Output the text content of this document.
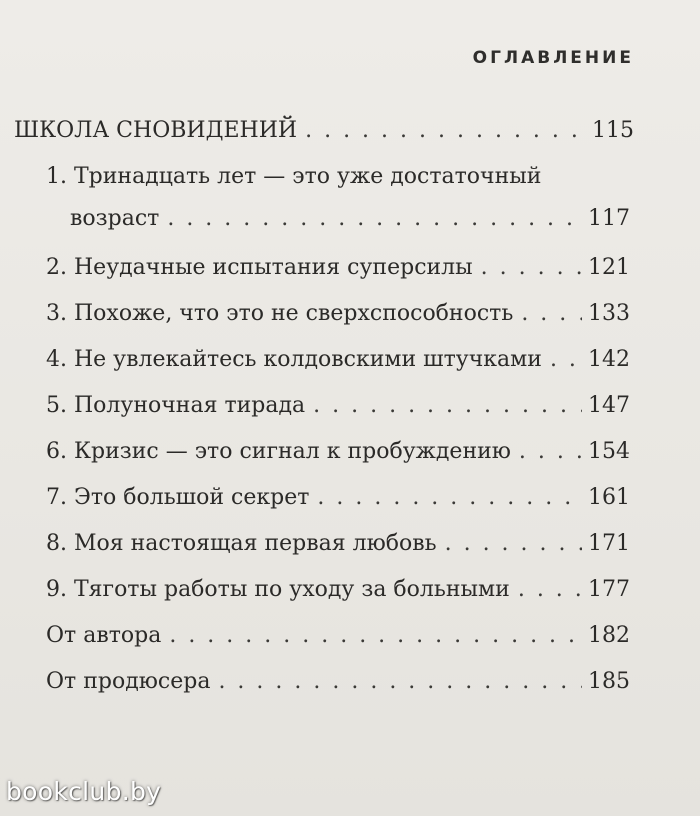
ОГЛАВЛЕНИЕ
ШКОЛА СНОВИДЕНИЙ . . .	115
1. Тринадцать лет — это уже достаточный
возраст . . .	117
2. Неудачные испытания суперсилы . . .	121
3. Похоже, что это не сверхспособность . . .	133
4. Не увлекайтесь колдовскими штучками . . . 142
5. Полуночная тирада . . .	147
6. Кризис — это сигнал к пробуждению . . .	154
7. Это большой секрет . . .	161
8. Моя настоящая первая любовь . . .	171
9. Тяготы работы по уходу за больными . . .	177
От автора . . .	182
От продюсера . . .	185
bookclub.by
